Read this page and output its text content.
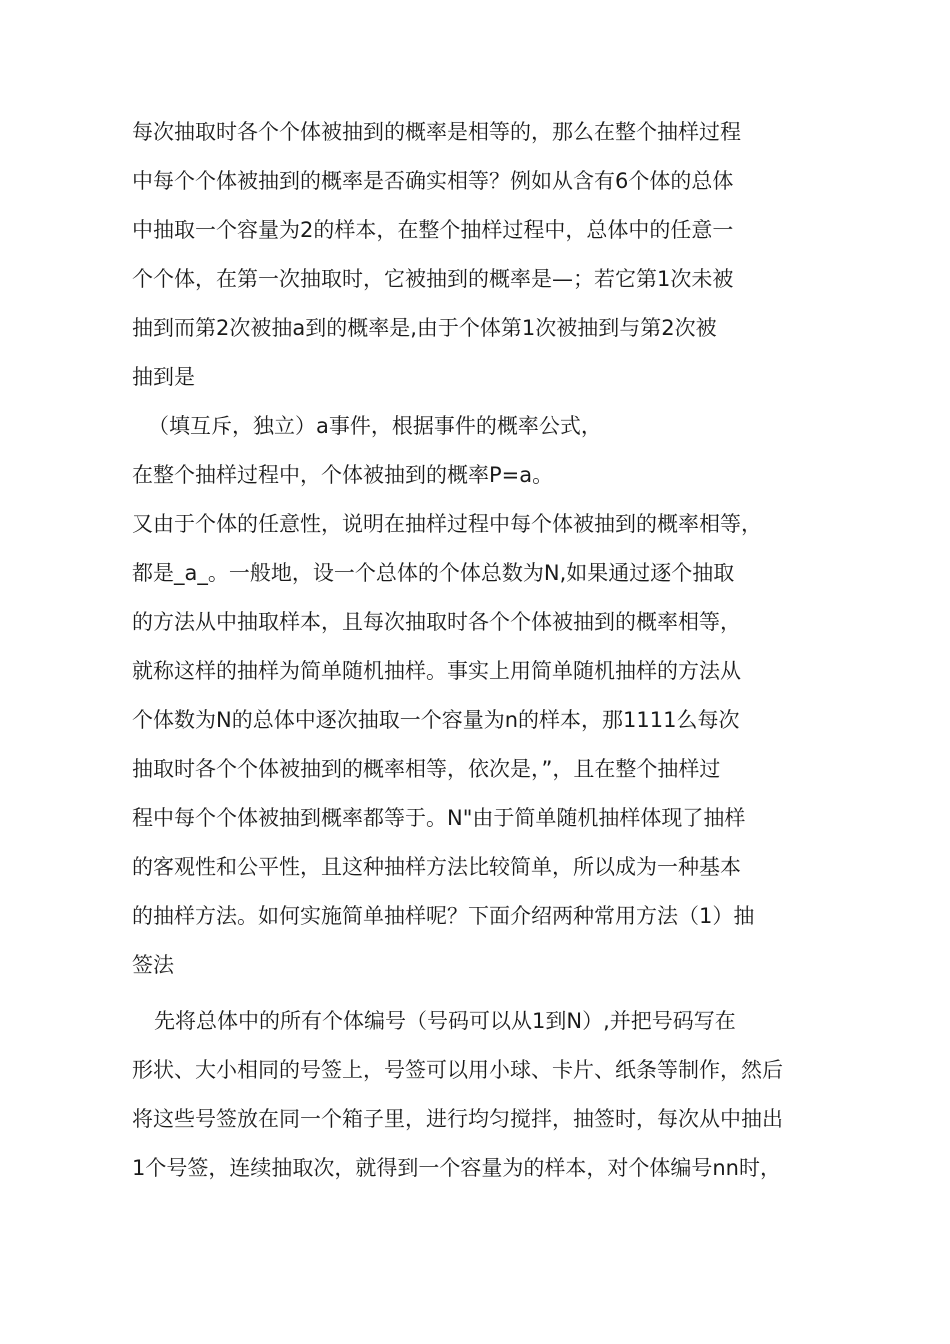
每次抽取时各个个体被抽到的概率是相等的，那么在整个抽样过程
中每个个体被抽到的概率是否确实相等？例如从含有6个体的总体
中抽取一个容量为2的样本，在整个抽样过程中，总体中的任意一
个个体，在第一次抽取时，它被抽到的概率是—；若它第1次未被
抽到而第2次被抽a到的概率是,由于个体第1次被抽到与第2次被
抽到是
（填互斥，独立）a事件，根据事件的概率公式，
在整个抽样过程中，个体被抽到的概率P=a。
又由于个体的任意性，说明在抽样过程中每个体被抽到的概率相等，
都是_a_。一般地，设一个总体的个体总数为N,如果通过逐个抽取
的方法从中抽取样本，且每次抽取时各个个体被抽到的概率相等，
就称这样的抽样为简单随机抽样。事实上用简单随机抽样的方法从
个体数为N的总体中逐次抽取一个容量为n的样本，那1111么每次
抽取时各个个体被抽到的概率相等，依次是，”，且在整个抽样过
程中每个个体被抽到概率都等于。N"由于简单随机抽样体现了抽样
的客观性和公平性，且这种抽样方法比较简单，所以成为一种基本
的抽样方法。如何实施简单抽样呢？下面介绍两种常用方法（1）抽
签法
先将总体中的所有个体编号（号码可以从1到N）,并把号码写在
形状、大小相同的号签上，号签可以用小球、卡片、纸条等制作，然后
将这些号签放在同一个箱子里，进行均匀搅拌，抽签时，每次从中抽出
1个号签，连续抽取次，就得到一个容量为的样本，对个体编号nn时，
